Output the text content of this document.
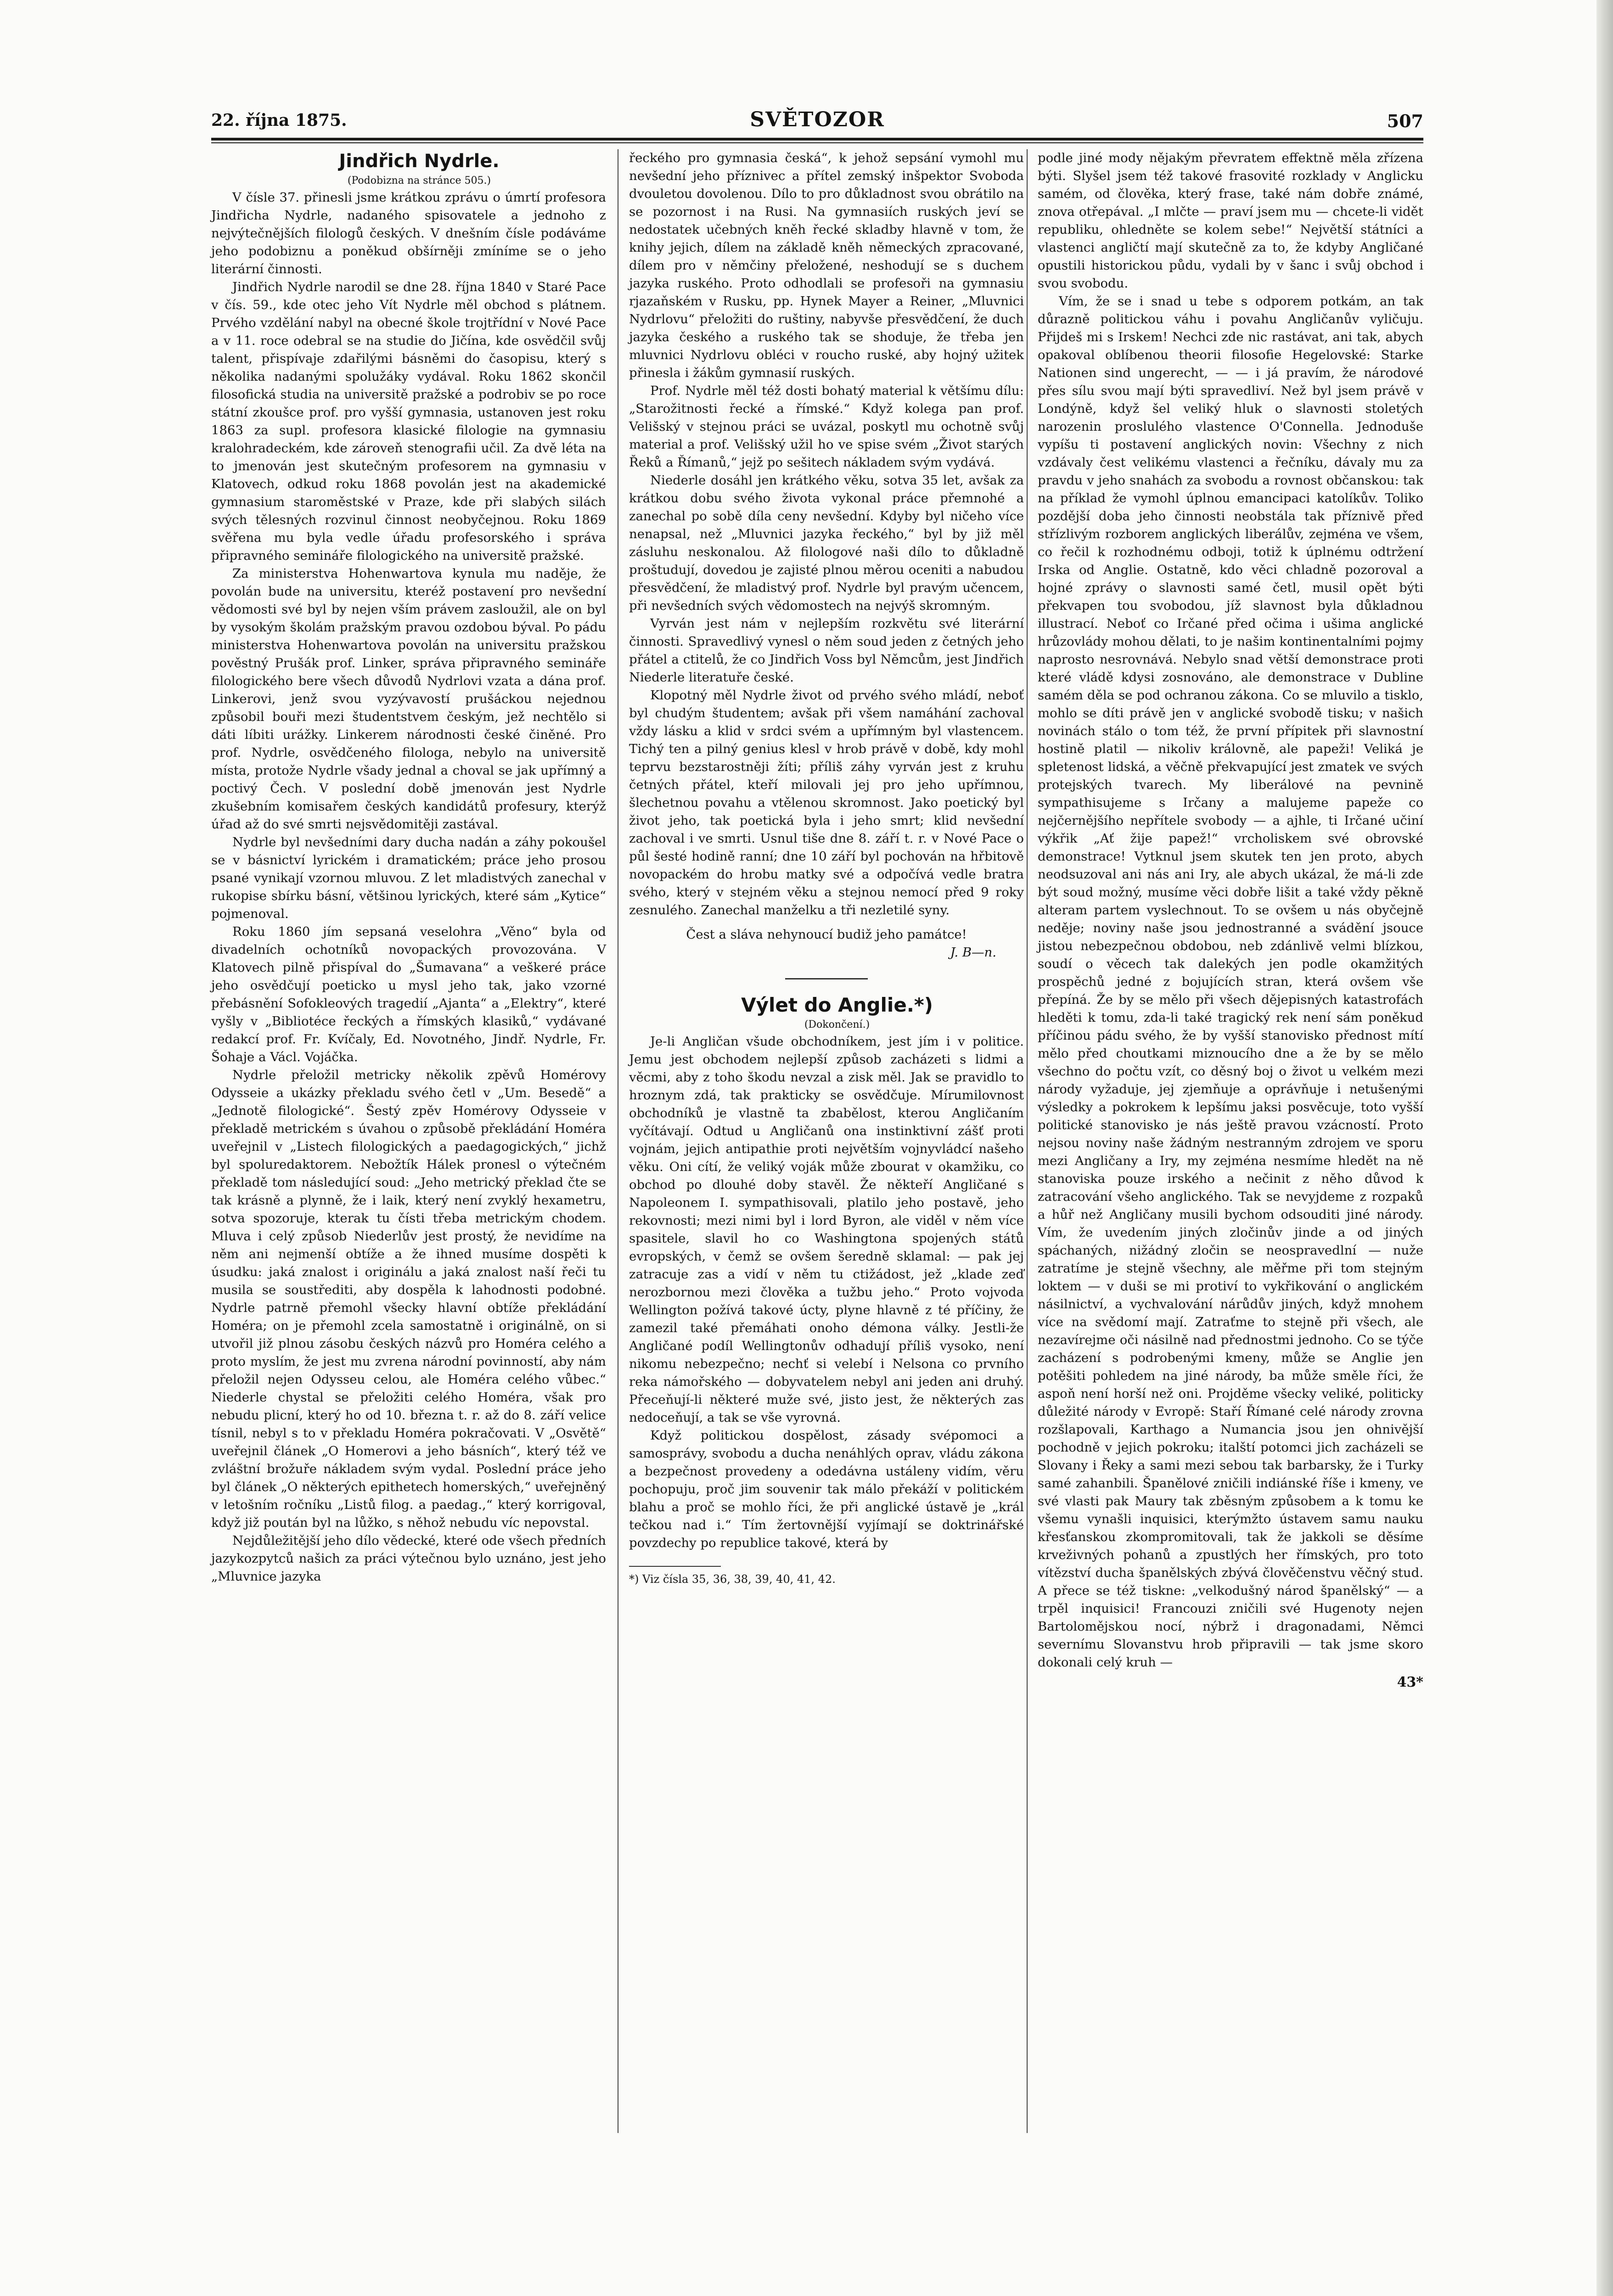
22. října 1875.	SVĚTOZOR	507

Jindřich Nydrle.

(Podobizna na stránce 505.)

V čísle 37. přinesli jsme krátkou zprávu o úmrtí profesora Jindřicha Nydrle, nadaného spisovatele a jednoho z nejvýtečnějších filologů českých. V dnešním čísle podáváme jeho podobiznu a poněkud obšírněji zmíníme se o jeho literární činnosti.

Jindřich Nydrle narodil se dne 28. října 1840 v Staré Pace v čís. 59., kde otec jeho Vít Nydrle měl obchod s plátnem. Prvého vzdělání nabyl na obecné škole trojtřídní v Nové Pace a v 11. roce odebral se na studie do Jičína, kde osvědčil svůj talent, přispívaje zdařilými básněmi do časopisu, který s několika nadanými spolužáky vydával. Roku 1862 skončil filosofická studia na universitě pražské a podrobiv se po roce státní zkoušce prof. pro vyšší gymnasia, ustanoven jest roku 1863 za supl. profesora klasické filologie na gymnasiu kralohradeckém, kde zároveň stenografii učil. Za dvě léta na to jmenován jest skutečným profesorem na gymnasiu v Klatovech, odkud roku 1868 povolán jest na akademické gymnasium staroměstské v Praze, kde při slabých silách svých tělesných rozvinul činnost neobyčejnou. Roku 1869 svěřena mu byla vedle úřadu profesorského i správa připravného semináře filologického na universitě pražské.

Za ministerstva Hohenwartova kynula mu naděje, že povolán bude na universitu, kteréž postavení pro nevšední vědomosti své byl by nejen vším právem zasloužil, ale on byl by vysokým školám pražským pravou ozdobou býval. Po pádu ministerstva Hohenwartova povolán na universitu pražskou pověstný Prušák prof. Linker, správa připravného semináře filologického bere všech důvodů Nydrlovi vzata a dána prof. Linkerovi, jenž svou vyzývavostí prušáckou nejednou způsobil bouři mezi študentstvem českým, jež nechtělo si dáti líbiti urážky. Linkerem národnosti české činěné. Pro prof. Nydrle, osvědčeného filologa, nebylo na universitě místa, protože Nydrle všady jednal a choval se jak upřímný a poctivý Čech. V poslední době jmenován jest Nydrle zkušebním komisařem českých kandidátů profesury, kterýž úřad až do své smrti nejsvědomitěji zastával.

Nydrle byl nevšedními dary ducha nadán a záhy pokoušel se v básnictví lyrickém i dramatickém; práce jeho prosou psané vynikají vzornou mluvou. Z let mladistvých zanechal v rukopise sbírku básní, většinou lyrických, které sám „Kytice“ pojmenoval.

Roku 1860 jím sepsaná veselohra „Věno“ byla od divadelních ochotníků novopackých provozována. V Klatovech pilně přispíval do „Šumavana“ a veškeré práce jeho osvědčují poeticko u mysl jeho tak, jako vzorné přebásnění Sofokleových tragedií „Ajanta“ a „Elektry“, které vyšly v „Bibliotéce řeckých a římských klasiků,“ vydávané redakcí prof. Fr. Kvíčaly, Ed. Novotného, Jindř. Nydrle, Fr. Šohaje a Václ. Vojáčka.

Nydrle přeložil metricky několik zpěvů Homérovy Odysseie a ukázky překladu svého četl v „Um. Besedě“ a „Jednotě filologické“. Šestý zpěv Homérovy Odysseie v překladě metrickém s úvahou o způsobě překládání Homéra uveřejnil v „Listech filologických a paedagogických,“ jichž byl spoluredaktorem. Nebožtík Hálek pronesl o výtečném překladě tom následující soud: „Jeho metrický překlad čte se tak krásně a plynně, že i laik, který není zvyklý hexametru, sotva spozoruje, kterak tu čísti třeba metrickým chodem. Mluva i celý způsob Niederlův jest prostý, že nevidíme na něm ani nejmenší obtíže a že ihned musíme dospěti k úsudku: jaká znalost i originálu a jaká znalost naší řeči tu musila se soustřediti, aby dospěla k lahodnosti podobné. Nydrle patrně přemohl všecky hlavní obtíže překládání Homéra; on je přemohl zcela samostatně i originálně, on si utvořil již plnou zásobu českých názvů pro Homéra celého a proto myslím, že jest mu zvrena národní povinností, aby nám přeložil nejen Odysseu celou, ale Homéra celého vůbec.“ Niederle chystal se přeložiti celého Homéra, však pro nebudu plicní, který ho od 10. března t. r. až do 8. září velice tísnil, nebyl s to v překladu Homéra pokračovati. V „Osvětě“ uveřejnil článek „O Homerovi a jeho básních“, který též ve zvláštní brožuře nákladem svým vydal. Poslední práce jeho byl článek „O některých epithetech homerských,“ uveřejněný v letošním ročníku „Listů filog. a paedag.,“ který korrigoval, když již poután byl na lůžko, s něhož nebudu víc nepovstal.

Nejdůležitější jeho dílo vědecké, které ode všech předních jazykozpytců našich za práci výtečnou bylo uznáno, jest jeho „Mluvnice jazyka

řeckého pro gymnasia česká“, k jehož sepsání vymohl mu nevšední jeho příznivec a přítel zemský inšpektor Svoboda dvouletou dovolenou. Dílo to pro důkladnost svou obrátilo na se pozornost i na Rusi. Na gymnasiích ruských jeví se nedostatek učebných kněh řecké skladby hlavně v tom, že knihy jejich, dílem na základě kněh německých zpracované, dílem pro v němčiny přeložené, neshodují se s duchem jazyka ruského. Proto odhodlali se profesoři na gymnasiu rjazaňském v Rusku, pp. Hynek Mayer a Reiner, „Mluvnici Nydrlovu“ přeložiti do ruštiny, nabyvše přesvědčení, že duch jazyka českého a ruského tak se shoduje, že třeba jen mluvnici Nydrlovu obléci v roucho ruské, aby hojný užitek přinesla i žákům gymnasií ruských.

Prof. Nydrle měl též dosti bohatý material k většímu dílu: „Starožitnosti řecké a římské.“ Když kolega pan prof. Velišský v stejnou práci se uvázal, poskytl mu ochotně svůj material a prof. Velišský užil ho ve spise svém „Život starých Řeků a Římanů,“ jejž po sešitech nákladem svým vydává.

Niederle dosáhl jen krátkého věku, sotva 35 let, avšak za krátkou dobu svého života vykonal práce přemnohé a zanechal po sobě díla ceny nevšední. Kdyby byl ničeho více nenapsal, než „Mluvnici jazyka řeckého,“ byl by již měl zásluhu neskonalou. Až filologové naši dílo to důkladně proštudují, dovedou je zajisté plnou měrou oceniti a nabudou přesvědčení, že mladistvý prof. Nydrle byl pravým učencem, při nevšedních svých vědomostech na nejvýš skromným.

Vyrván jest nám v nejlepším rozkvětu své literární činnosti. Spravedlivý vynesl o něm soud jeden z četných jeho přátel a ctitelů, že co Jindřich Voss byl Němcům, jest Jindřich Niederle literatuře české.

Klopotný měl Nydrle život od prvého svého mládí, neboť byl chudým študentem; avšak při všem namáhání zachoval vždy lásku a klid v srdci svém a upřímným byl vlastencem. Tichý ten a pilný genius klesl v hrob právě v době, kdy mohl teprvu bezstarostněji žíti; příliš záhy vyrván jest z kruhu četných přátel, kteří milovali jej pro jeho upřímnou, šlechetnou povahu a vtělenou skromnost. Jako poetický byl život jeho, tak poetická byla i jeho smrt; klid nevšední zachoval i ve smrti. Usnul tiše dne 8. září t. r. v Nové Pace o půl šesté hodině ranní; dne 10 září byl pochován na hřbitově novopackém do hrobu matky své a odpočívá vedle bratra svého, který v stejném věku a stejnou nemocí před 9 roky zesnulého. Zanechal manželku a tři nezletilé syny.

Čest a sláva nehynoucí budiž jeho památce!

J. B—n.

Výlet do Anglie.*)

(Dokončení.)

Je-li Angličan všude obchodníkem, jest jím i v politice. Jemu jest obchodem nejlepší způsob zacházeti s lidmi a věcmi, aby z toho škodu nevzal a zisk měl. Jak se pravidlo to hroznym zdá, tak prakticky se osvědčuje. Mírumilovnost obchodníků je vlastně ta zbabělost, kterou Angličaním vyčítávají. Odtud u Angličanů ona instinktivní zášť proti vojnám, jejich antipathie proti největším vojnyvládcí našeho věku. Oni cítí, že veliký voják může zbourat v okamžiku, co obchod po dlouhé doby stavěl. Že někteří Angličané s Napoleonem I. sympathisovali, platilo jeho postavě, jeho rekovnosti; mezi nimi byl i lord Byron, ale viděl v něm více spasitele, slavil ho co Washingtona spojených států evropských, v čemž se ovšem šeredně sklamal: — pak jej zatracuje zas a vidí v něm tu ctižádost, jež „klade zeď nerozbornou mezi člověka a tužbu jeho.“ Proto vojvoda Wellington požívá takové úcty, plyne hlavně z té příčiny, že zamezil také přemáhati onoho démona války. Jestli-že Angličané podíl Wellingtonův odhadují příliš vysoko, není nikomu nebezpečno; nechť si velebí i Nelsona co prvního reka námořského — dobyvatelem nebyl ani jeden ani druhý. Přeceňují-li některé muže své, jisto jest, že některých zas nedoceňují, a tak se vše vyrovná.

Když politickou dospělost, zásady svépomoci a samosprávy, svobodu a ducha nenáhlých oprav, vládu zákona a bezpečnost provedeny a odedávna ustáleny vidím, věru pochopuju, proč jim souvenir tak málo překáží v politickém blahu a proč se mohlo říci, že při anglické ústavě je „král tečkou nad i.“ Tím žertovnější vyjímají se doktrinářské povzdechy po republice takové, která by

*) Viz čísla 35, 36, 38, 39, 40, 41, 42.

podle jiné mody nějakým převratem effektně měla zřízena býti. Slyšel jsem též takové frasovité rozklady v Anglicku samém, od člověka, který frase, také nám dobře známé, znova otřepával. „I mlčte — praví jsem mu — chcete-li vidět republiku, ohledněte se kolem sebe!“ Největší státníci a vlastenci angličtí mají skutečně za to, že kdyby Angličané opustili historickou půdu, vydali by v šanc i svůj obchod i svou svobodu.

Vím, že se i snad u tebe s odporem potkám, an tak důrazně politickou váhu i povahu Angličanův vyličuju. Přijdeš mi s Irskem! Nechci zde nic rastávat, ani tak, abych opakoval oblíbenou theorii filosofie Hegelovské: Starke Nationen sind ungerecht, — — i já pravím, že národové přes sílu svou mají býti spravedliví. Než byl jsem právě v Londýně, když šel veliký hluk o slavnosti stoletých narozenin proslulého vlastence O'Connella. Jednoduše vypíšu ti postavení anglických novin: Všechny z nich vzdávaly čest velikému vlastenci a řečníku, dávaly mu za pravdu v jeho snahách za svobodu a rovnost občanskou: tak na příklad že vymohl úplnou emancipaci katolíkův. Toliko pozdější doba jeho činnosti neobstála tak příznivě před střízlivým rozborem anglických liberálův, zejména ve všem, co řečil k rozhodnému odboji, totiž k úplnému odtržení Irska od Anglie. Ostatně, kdo věci chladně pozoroval a hojné zprávy o slavnosti samé četl, musil opět býti překvapen tou svobodou, jíž slavnost byla důkladnou illustrací. Neboť co Irčané před očima i ušima anglické hrůzovlády mohou dělati, to je našim kontinentalními pojmy naprosto nesrovnává. Nebylo snad větší demonstrace proti které vládě kdysi zosnováno, ale demonstrace v Dubline samém děla se pod ochranou zákona. Co se mluvilo a tisklo, mohlo se díti právě jen v anglické svobodě tisku; v našich novinách stálo o tom též, že první přípitek při slavnostní hostině platil — nikoliv královně, ale papeži! Veliká je spletenost lidská, a věčně překvapující jest zmatek ve svých protejských tvarech. My liberálové na pevnině sympathisujeme s Irčany a malujeme papeže co nejčernějšího nepřítele svobody — a ajhle, ti Irčané učiní výkřik „Ať žije papež!“ vrcholiskem své obrovské demonstrace! Vytknul jsem skutek ten jen proto, abych neodsuzoval ani nás ani Iry, ale abych ukázal, že má-li zde být soud možný, musíme věci dobře lišit a také vždy pěkně alteram partem vyslechnout. To se ovšem u nás obyčejně neděje; noviny naše jsou jednostranné a svádění jsouce jistou nebezpečnou obdobou, neb zdánlivě velmi blízkou, soudí o věcech tak dalekých jen podle okamžitých prospěchů jedné z bojujících stran, která ovšem vše přepíná. Že by se mělo při všech dějepisných katastrofách hleděti k tomu, zda-li také tragický rek není sám poněkud příčinou pádu svého, že by vyšší stanovisko přednost mítí mělo před choutkami miznoucího dne a že by se mělo všechno do počtu vzít, co děsný boj o život u velkém mezi národy vyžaduje, jej zjemňuje a oprávňuje i netušenými výsledky a pokrokem k lepšímu jaksi posvěcuje, toto vyšší politické stanovisko je nás ještě pravou vzácností. Proto nejsou noviny naše žádným nestranným zdrojem ve sporu mezi Angličany a Iry, my zejména nesmíme hledět na ně stanoviska pouze irského a nečinit z něho důvod k zatracování všeho anglického. Tak se nevyjdeme z rozpaků a hůř než Angličany musili bychom odsouditi jiné národy. Vím, že uvedením jiných zločinův jinde a od jiných spáchaných, nižádný zločin se neospravedlní — nuže zatratíme je stejně všechny, ale měřme při tom stejným loktem — v duši se mi protiví to vykřikování o anglickém násilnictví, a vychvalování nárůdův jiných, když mnohem více na svědomí mají. Zatraťme to stejně při všech, ale nezavírejme oči násilně nad přednostmi jednoho. Co se týče zacházení s podrobenými kmeny, může se Anglie jen potěšiti pohledem na jiné národy, ba může směle říci, že aspoň není horší než oni. Projděme všecky veliké, politicky důležité národy v Evropě: Staří Římané celé národy zrovna rozšlapovali, Karthago a Numancia jsou jen ohnivější pochodně v jejich pokroku; italští potomci jich zacházeli se Slovany i Řeky a sami mezi sebou tak barbarsky, že i Turky samé zahanbili. Španělové zničili indiánské říše i kmeny, ve své vlasti pak Maury tak zběsným způsobem a k tomu ke všemu vynašli inquisici, kterýmžto ústavem samu nauku křesťanskou zkompromitovali, tak že jakkoli se děsíme krveživných pohanů a zpustlých her římských, pro toto vítězství ducha španělských zbývá člověčenstvu věčný stud. A přece se též tiskne: „velkodušný národ španělský“ — a trpěl inquisici! Francouzi zničili své Hugenoty nejen Bartolomějskou nocí, nýbrž i dragonadami, Němci severnímu Slovanstvu hrob připravili — tak jsme skoro dokonali celý kruh —

43*
